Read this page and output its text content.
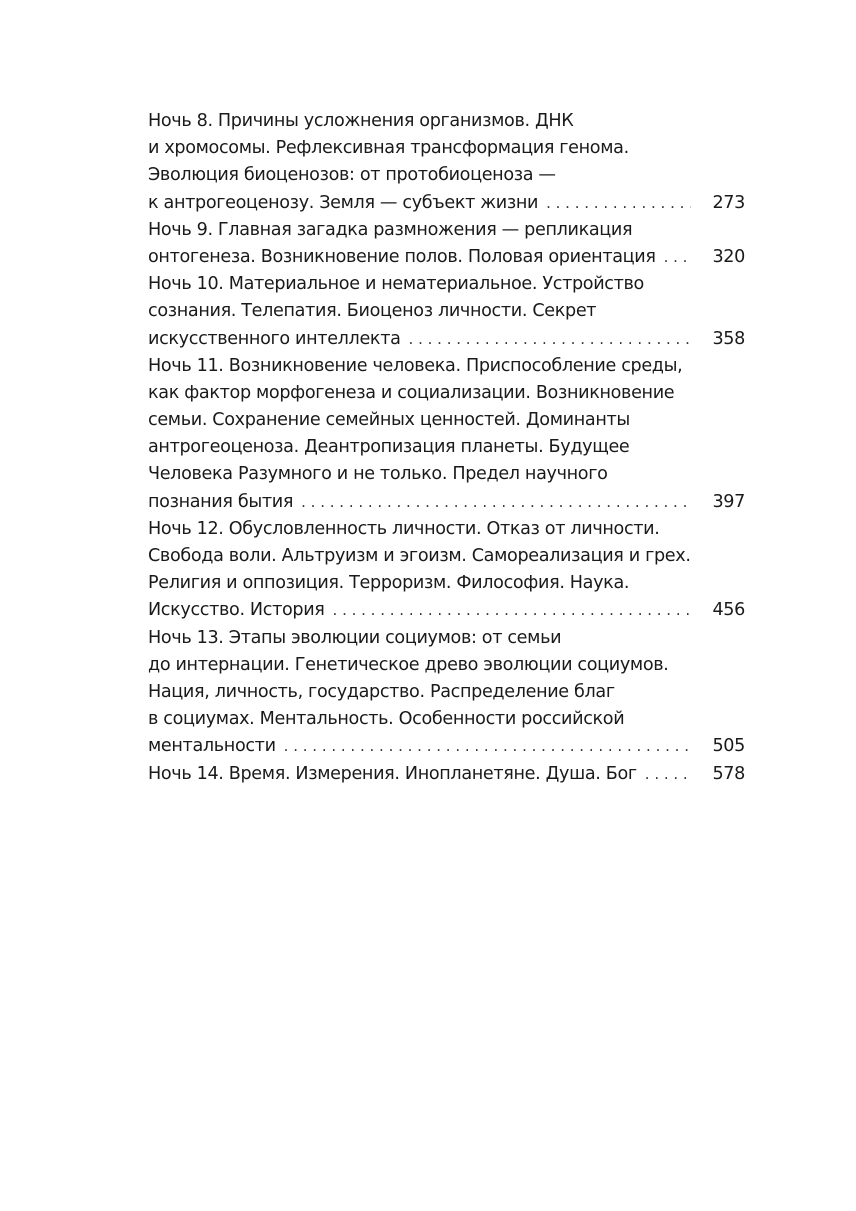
Ночь 8. Причины усложнения организмов. ДНК
и хромосомы. Рефлексивная трансформация генома.
Эволюция биоценозов: от протобиоценоза —
к антрогеоценозу. Земля — субъект жизни . . .	273
Ночь 9. Главная загадка размножения — репликация
онтогенеза. Возникновение полов. Половая ориентация . . .	320
Ночь 10. Материальное и нематериальное. Устройство
сознания. Телепатия. Биоценоз личности. Секрет
искусственного интеллекта . . .	358
Ночь 11. Возникновение человека. Приспособление среды,
как фактор морфогенеза и социализации. Возникновение
семьи. Сохранение семейных ценностей. Доминанты
антрогеоценоза. Деантропизация планеты. Будущее
Человека Разумного и не только. Предел научного
познания бытия . . .	397
Ночь 12. Обусловленность личности. Отказ от личности.
Свобода воли. Альтруизм и эгоизм. Самореализация и грех.
Религия и оппозиция. Терроризм. Философия. Наука.
Искусство. История . . .	456
Ночь 13. Этапы эволюции социумов: от семьи
до интернации. Генетическое древо эволюции социумов.
Нация, личность, государство. Распределение благ
в социумах. Ментальность. Особенности российской
ментальности . . .	505
Ночь 14. Время. Измерения. Инопланетяне. Душа. Бог . . .	578
